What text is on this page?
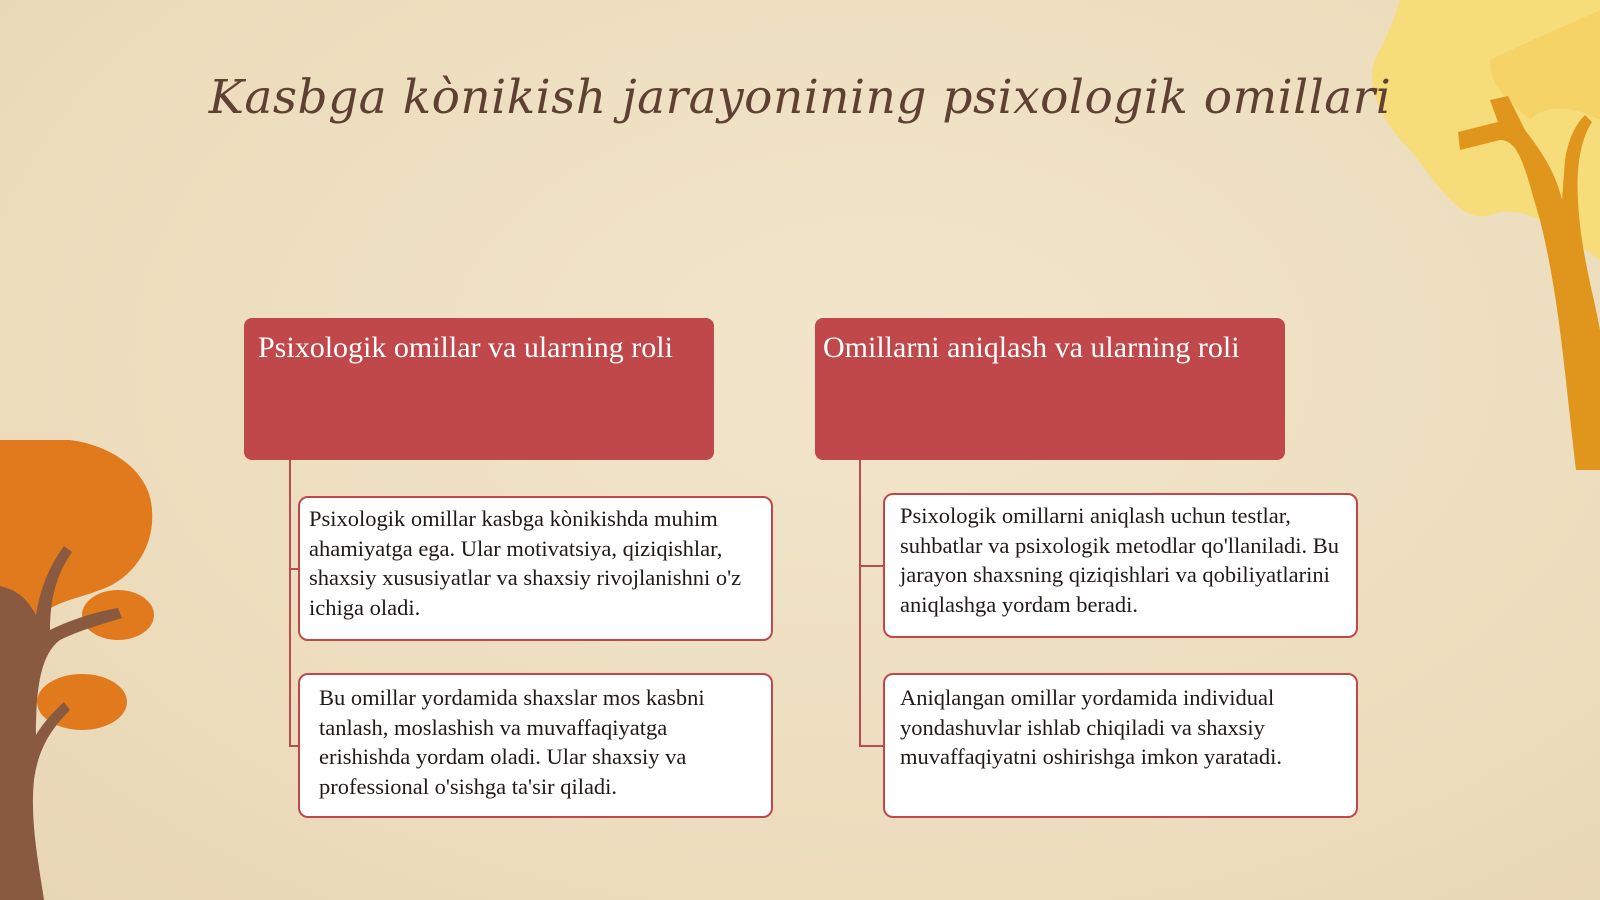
Kasbga kònikish jarayonining psixologik omillari
Psixologik omillar va ularning roli	Omillarni aniqlash va ularning roli
Psixologik omillar kasbga kònikishda muhim ahamiyatga ega. Ular motivatsiya, qiziqishlar, shaxsiy xususiyatlar va shaxsiy rivojlanishni o'z ichiga oladi.
Bu omillar yordamida shaxslar mos kasbni tanlash, moslashish va muvaffaqiyatga erishishda yordam oladi. Ular shaxsiy va professional o'sishga ta'sir qiladi.
Psixologik omillarni aniqlash uchun testlar, suhbatlar va psixologik metodlar qo'llaniladi. Bu jarayon shaxsning qiziqishlari va qobiliyatlarini aniqlashga yordam beradi.
Aniqlangan omillar yordamida individual yondashuvlar ishlab chiqiladi va shaxsiy muvaffaqiyatni oshirishga imkon yaratadi.
